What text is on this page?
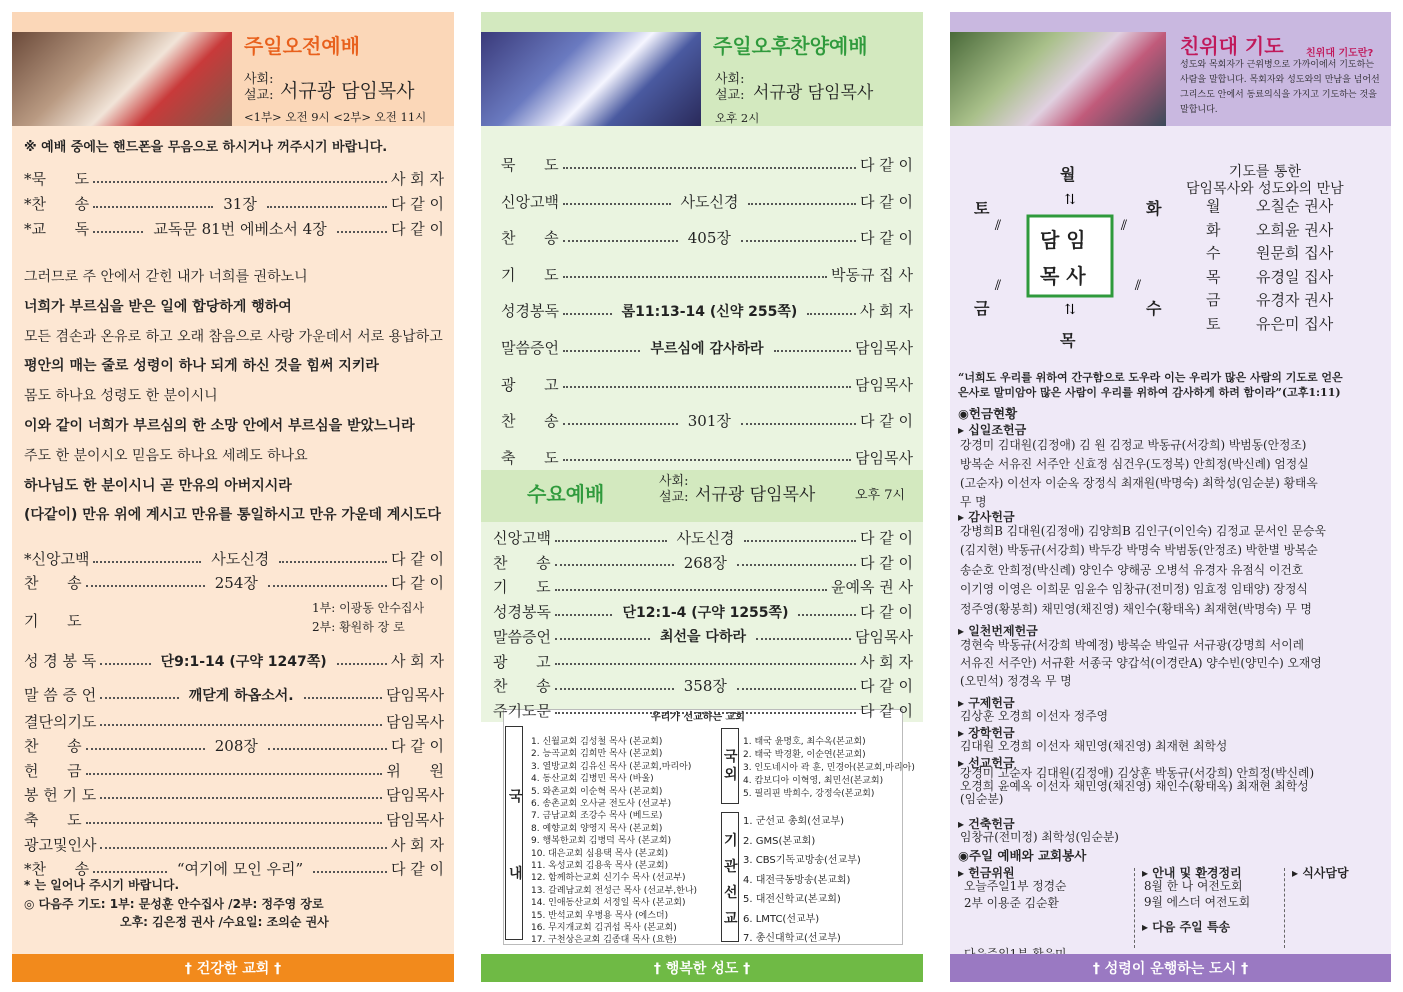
주일오전예배
사회:
설교: 서규광 담임목사
<1부> 오전 9시 <2부> 오전 11시
※ 예배 중에는 핸드폰을 무음으로 하시거나 꺼주시기 바랍니다.
1부: 이광동 안수집사
2부: 황원하 장 로
* 는 일어나 주시기 바랍니다.
◎ 다음주 기도: 1부: 문성훈 안수집사 /2부: 정주영 장로
오후: 김은정 권사 /수요일: 조의순 권사
† 건강한 교회 †
*묵      도	사 회 자
*찬      송	31장	다 같 이
*교      독	교독문 81번 에베소서 4장	다 같 이
그러므로 주 안에서 갇힌 내가 너희를 권하노니
너희가 부르심을 받은 일에 합당하게 행하여
모든 겸손과 온유로 하고 오래 참음으로 사랑 가운데서 서로 용납하고
평안의 매는 줄로 성령이 하나 되게 하신 것을 힘써 지키라
몸도 하나요 성령도 한 분이시니
이와 같이 너희가 부르심의 한 소망 안에서 부르심을 받았느니라
주도 한 분이시오 믿음도 하나요 세례도 하나요
하나님도 한 분이시니 곧 만유의 아버지시라
(다같이) 만유 위에 계시고 만유를 통일하시고 만유 가운데 계시도다
*신앙고백	사도신경	다 같 이
찬      송	254장	다 같 이
기      도
성 경 봉 독	단9:1-14 (구약 1247쪽)	사 회 자
말 씀 증 언	깨닫게 하옵소서.	담임목사
결단의기도	담임목사
찬      송	208장	다 같 이
헌      금	위      원
봉 헌 기 도	담임목사
축      도	담임목사
광고및인사	사 회 자
*찬      송	“여기에 모인 우리”	다 같 이
주일오후찬양예배
사회:
설교: 서규광 담임목사
오후 2시
수요예배
사회:
설교: 서규광 담임목사	오후 7시
우리가 선교하는 교회
국

내
국
외
기
관
선
교
† 행복한 성도 †
묵      도	다 같 이
신앙고백	사도신경	다 같 이
찬      송	405장	다 같 이
기      도	박동규 집 사
성경봉독	롬11:13-14 (신약 255쪽)	사 회 자
말씀증언	부르심에 감사하라	담임목사
광      고	담임목사
찬      송	301장	다 같 이
축      도	담임목사
신앙고백	사도신경	다 같 이
찬      송	268장	다 같 이
기      도	윤예옥 권 사
성경봉독	단12:1-4 (구약 1255쪽)	다 같 이
말씀증언	최선을 다하라	담임목사
광      고	사 회 자
찬      송	358장	다 같 이
주기도문	다 같 이
1. 신월교회 김성철 목사 (본교회)
2. 능곡교회 김희만 목사 (본교회)
3. 열방교회 김유신 목사 (본교회,마리아)
4. 동산교회 김병민 목사 (바울)
5. 와촌교회 이순혁 목사 (본교회)
6. 송촌교회 오사균 전도사 (선교부)
7. 금남교회 조강수 목사 (베드로)
8. 예향교회 양영지 목사 (본교회)
9. 행복한교회 김병덕 목사 (본교회)
10. 대은교회 심용택 목사 (본교회)
11. 옥성교회 김용욱 목사 (본교회)
12. 함께하는교회 신기수 목사 (선교부)
13. 갈례남교회 전성근 목사 (선교부,한나)
14. 인애동산교회 서정일 목사 (본교회)
15. 반석교회 우병용 목사 (에스더)
16. 무지개교회 김귀섭 목사 (본교회)
17. 구천상은교회 김종대 목사 (요한)
1. 태국 윤명호, 최수옥(본교회)
2. 태국 박경환, 이순연(본교회)
3. 인도네시아 곽 훈, 민경아(본교회,마리아)
4. 캄보디아 이혁영, 최민선(본교회)
5. 필리핀 박희수, 강정숙(본교회)
1. 군선교 총회(선교부)
2. GMS(본교회)
3. CBS기독교방송(선교부)
4. 대전극동방송(본교회)
5. 대전신학교(본교회)
6. LMTC(선교부)
7. 총신대학교(선교부)
친위대 기도 친위대 기도란?
성도와 목회자가 근위병으로 가까이에서 기도하는
사람을 말합니다. 목회자와 성도와의 만남을 넘어선
그리스도 안에서 동료의식을 가지고 기도하는 것을
말합니다.
⇅
⇅
⫽
⫽
⫽	⫽
담 임
목 사
월
화
수
목
금
토
기도를 통한
담임목사와 성도와의 만남
“너희도 우리를 위하여 간구함으로 도우라 이는 우리가 많은 사람의 기도로 얻은
은사로 말미암아 많은 사람이 우리를 위하여 감사하게 하려 함이라”(고후1:11)
◉헌금현황
▸ 십일조헌금
강경미 김대원(김정애) 김 원 김정교 박동규(서강희) 박범동(안정조)
방복순 서유진 서주안 신효정 심건우(도정복) 안희정(박신례) 엄정실
(고순자) 이선자 이순옥 장정식 최재원(박명숙) 최학성(임순분) 황태옥
무 명
▸ 감사헌금
강병희B 김대원(김정애) 김양희B 김인구(이인숙) 김정교 문서인 문승욱
(김지현) 박동규(서강희) 박두강 박명숙 박범동(안정조) 박한별 방복순
송순호 안희정(박신례) 양인수 양해공 오병석 유경자 유점식 이건호
이기영 이영은 이희문 임윤수 임창규(전미정) 임효정 임태양) 장정식
정주영(황봉희) 채민영(채진영) 채인수(황태옥) 최재현(박명숙) 무 명
▸ 일천번제헌금
경현숙 박동규(서강희 박예정) 방복순 박일규 서규광(강명희 서이레
서유진 서주안) 서규환 서종국 양갑석(이경란A) 양수빈(양민수) 오재영
(오민석) 정경옥 무 명
▸ 구제헌금
김상훈 오경희 이선자 정주영
▸ 장학헌금
김대원 오경희 이선자 채민영(채진영) 최재현 최학성
▸ 선교헌금
강경미 고순자 김대원(김정애) 김상훈 박동규(서강희) 안희정(박신례)
오경희 윤예옥 이선자 채민영(채진영) 채인수(황태옥) 최재현 최학성
(임순분)
▸ 건축헌금
임창규(전미정) 최학성(임순분)
◉주일 예배와 교회봉사
▸ 헌금위원
오늘주일1부 정경순
2부 이용준 김순환

▸ 안내 및 환경정리
8월 한 나 여전도회
9월 에스더 여전도회
▸ 다음 주일 특송
▸ 식사담당
† 성령이 운행하는 도시 †
월 오칠순 권사
화 오희윤 권사
수 원문희 집사
목 유경일 집사
금 유경자 권사
토 유은미 집사
